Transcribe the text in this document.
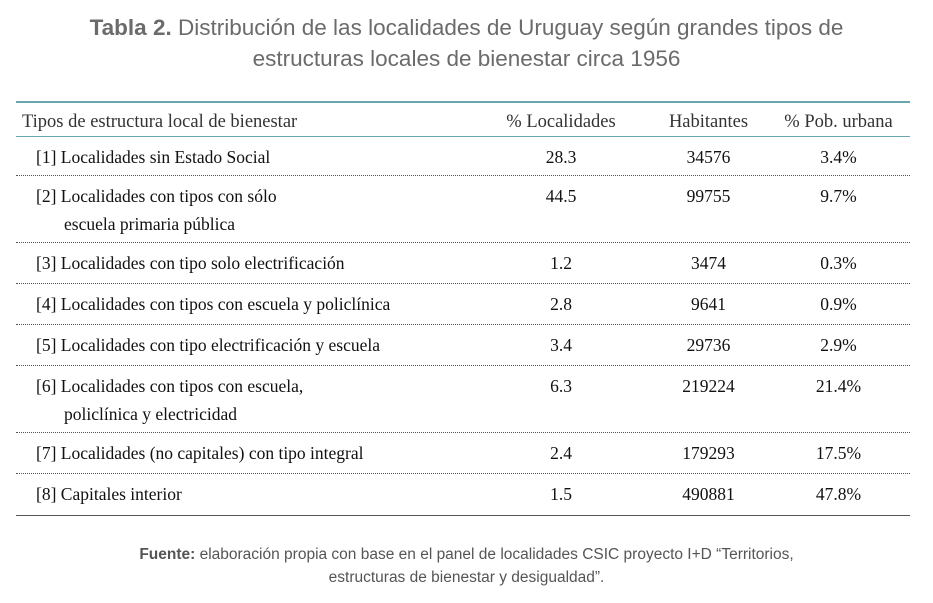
Tabla 2. Distribución de las localidades de Uruguay según grandes tipos de
estructuras locales de bienestar circa 1956
Tipos de estructura local de bienestar	% Localidades	Habitantes	% Pob. urbana
[1] Localidades sin Estado Social	28.3	34576	3.4%
[2] Localidades con tipos con sólo
escuela primaria pública
44.5	99755	9.7%
[3] Localidades con tipo solo electrificación	1.2	3474	0.3%
[4] Localidades con tipos con escuela y policlínica	2.8	9641	0.9%
[5] Localidades con tipo electrificación y escuela	3.4	29736	2.9%
[6] Localidades con tipos con escuela,
policlínica y electricidad
6.3	219224	21.4%
[7] Localidades (no capitales) con tipo integral	2.4	179293	17.5%
[8] Capitales interior	1.5	490881	47.8%
Fuente: elaboración propia con base en el panel de localidades CSIC proyecto I+D “Territorios,
estructuras de bienestar y desigualdad”.
